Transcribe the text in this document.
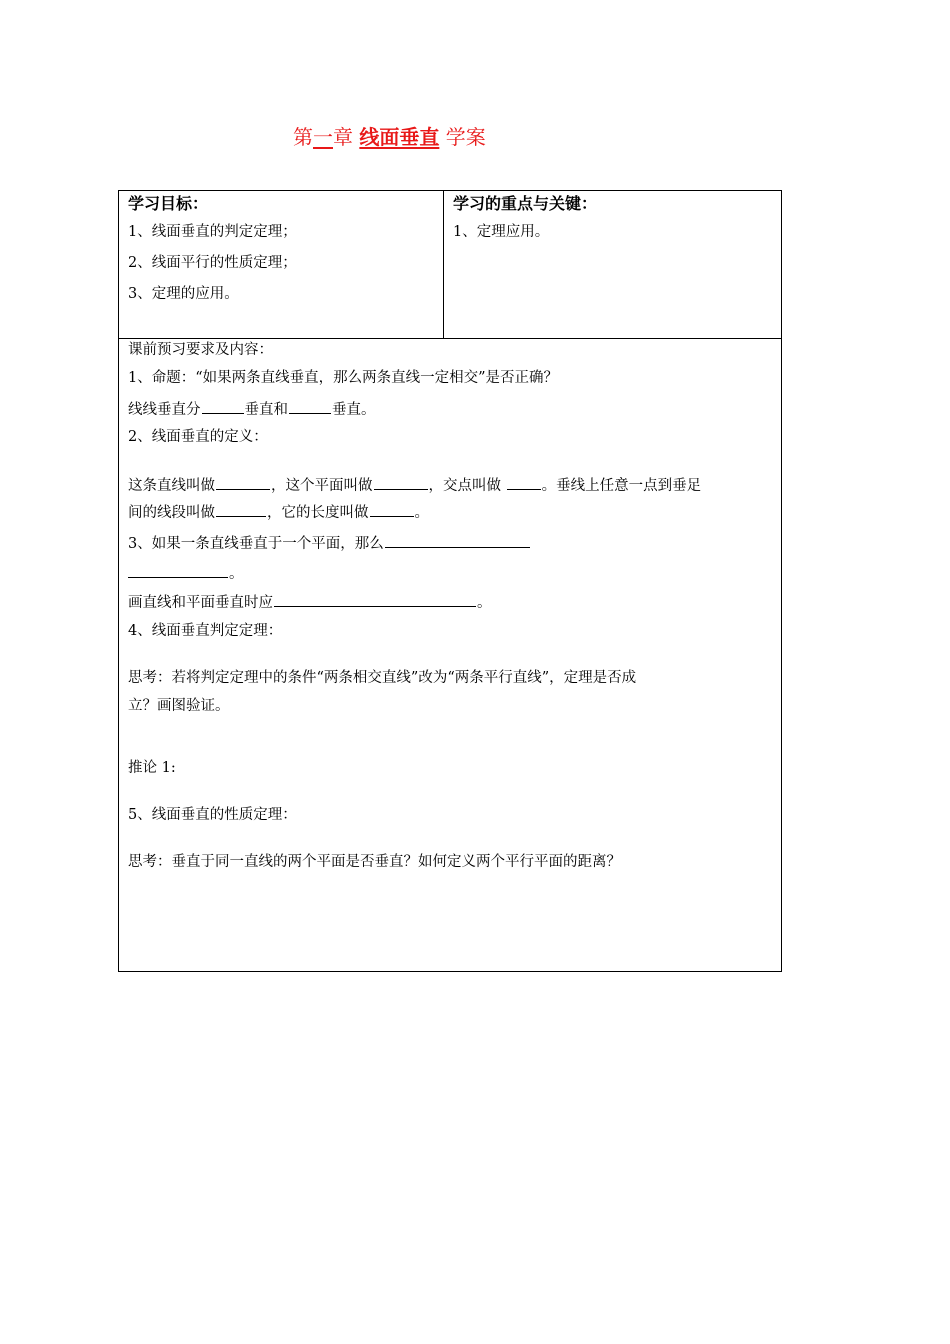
第一章 线面垂直 学案
学习目标：
1、线面垂直的判定定理；
2、线面平行的性质定理；
3、定理的应用。
学习的重点与关键：
1、定理应用。
课前预习要求及内容：
1、命题：“如果两条直线垂直，那么两条直线一定相交”是否正确？
线线垂直分	垂直和	垂直。
2、线面垂直的定义：
这条直线叫做	，这个平面叫做	，交点叫做	。垂线上任意一点到垂足
间的线段叫做	，它的长度叫做	。
3、如果一条直线垂直于一个平面，那么
。
画直线和平面垂直时应	。
4、线面垂直判定定理：
思考：若将判定定理中的条件“两条相交直线”改为“两条平行直线”，定理是否成
立？画图验证。
推论 1:
5、线面垂直的性质定理：
思考：垂直于同一直线的两个平面是否垂直？如何定义两个平行平面的距离？
